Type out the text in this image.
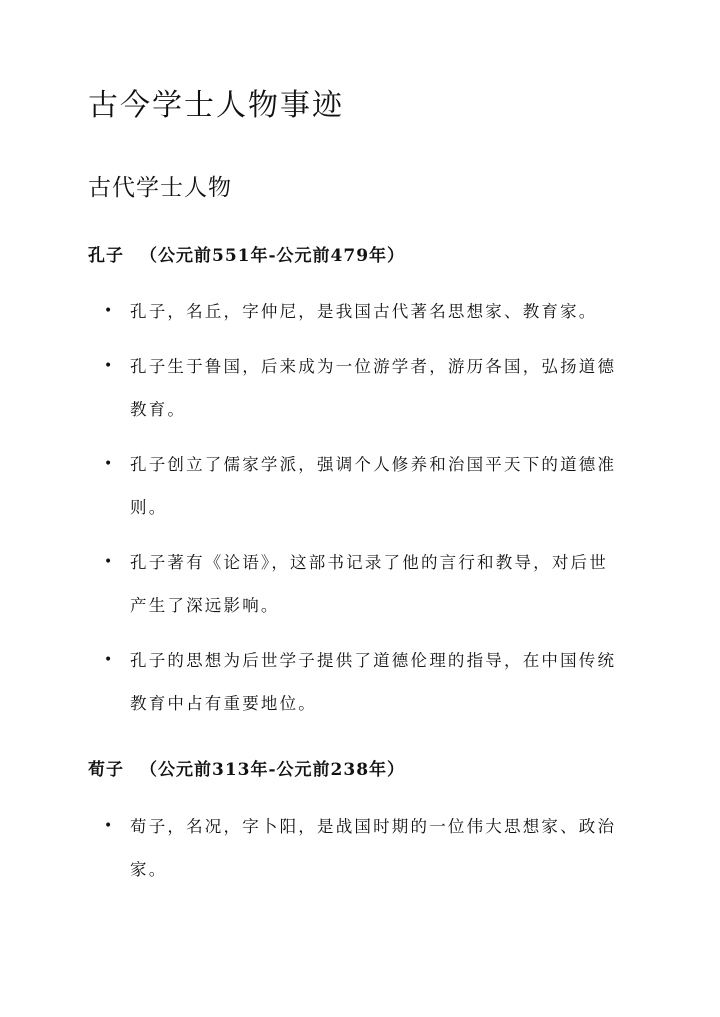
古今学士人物事迹
古代学士人物
孔子 （公元前551年-公元前479年）
• 孔子，名丘，字仲尼，是我国古代著名思想家、教育家。
• 孔子生于鲁国，后来成为一位游学者，游历各国，弘扬道德教育。
• 孔子创立了儒家学派，强调个人修养和治国平天下的道德准则。
• 孔子著有《论语》，这部书记录了他的言行和教导，对后世产生了深远影响。
• 孔子的思想为后世学子提供了道德伦理的指导，在中国传统教育中占有重要地位。
荀子 （公元前313年-公元前238年）
• 荀子，名况，字卜阳，是战国时期的一位伟大思想家、政治家。
